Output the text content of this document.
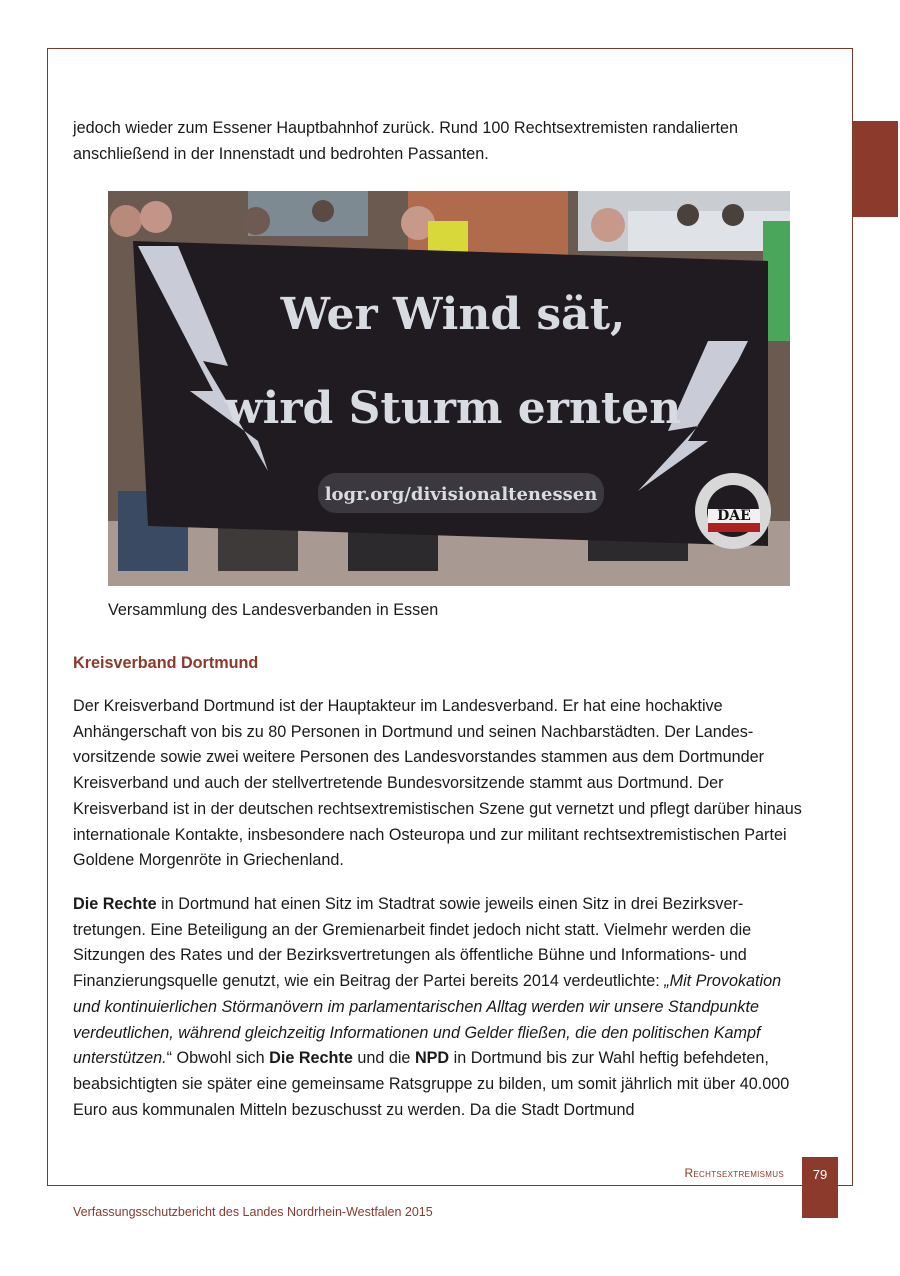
jedoch wieder zum Essener Hauptbahnhof zurück. Rund 100 Rechtsextremisten randalierten anschließend in der Innenstadt und bedrohten Passanten.

DAE
Wer Wind sät,
wird Sturm ernten
logr.org/divisionaltenessen
Versammlung des Landesverbanden in Essen
Kreisverband Dortmund

Der Kreisverband Dortmund ist der Hauptakteur im Landesverband. Er hat eine hochaktive Anhängerschaft von bis zu 80 Personen in Dortmund und seinen Nachbarstädten. Der Landesvorsitzende sowie zwei weitere Personen des Landesvorstandes stammen aus dem Dortmunder Kreisverband und auch der stellvertretende Bundesvorsitzende stammt aus Dortmund. Der Kreisverband ist in der deutschen rechtsextremistischen Szene gut vernetzt und pflegt darüber hinaus internationale Kontakte, insbesondere nach Osteuropa und zur militant rechtsextremistischen Partei Goldene Morgenröte in Griechenland.

Die Rechte in Dortmund hat einen Sitz im Stadtrat sowie jeweils einen Sitz in drei Bezirksvertretungen. Eine Beteiligung an der Gremienarbeit findet jedoch nicht statt. Vielmehr werden die Sitzungen des Rates und der Bezirksvertretungen als öffentliche Bühne und Informations- und Finanzierungsquelle genutzt, wie ein Beitrag der Partei bereits 2014 verdeutlichte: „Mit Provokation und kontinuierlichen Störmanövern im parlamentarischen Alltag werden wir unsere Standpunkte verdeutlichen, während gleichzeitig Informationen und Gelder fließen, die den politischen Kampf unterstützen.“ Obwohl sich Die Rechte und die NPD in Dortmund bis zur Wahl heftig befehdeten, beabsichtigten sie später eine gemeinsame Ratsgruppe zu bilden, um somit jährlich mit über 40.000 Euro aus kommunalen Mitteln bezuschusst zu werden. Da die Stadt Dortmund

Rechtsextremismus	79
Verfassungsschutzbericht des Landes Nordrhein-Westfalen 2015
